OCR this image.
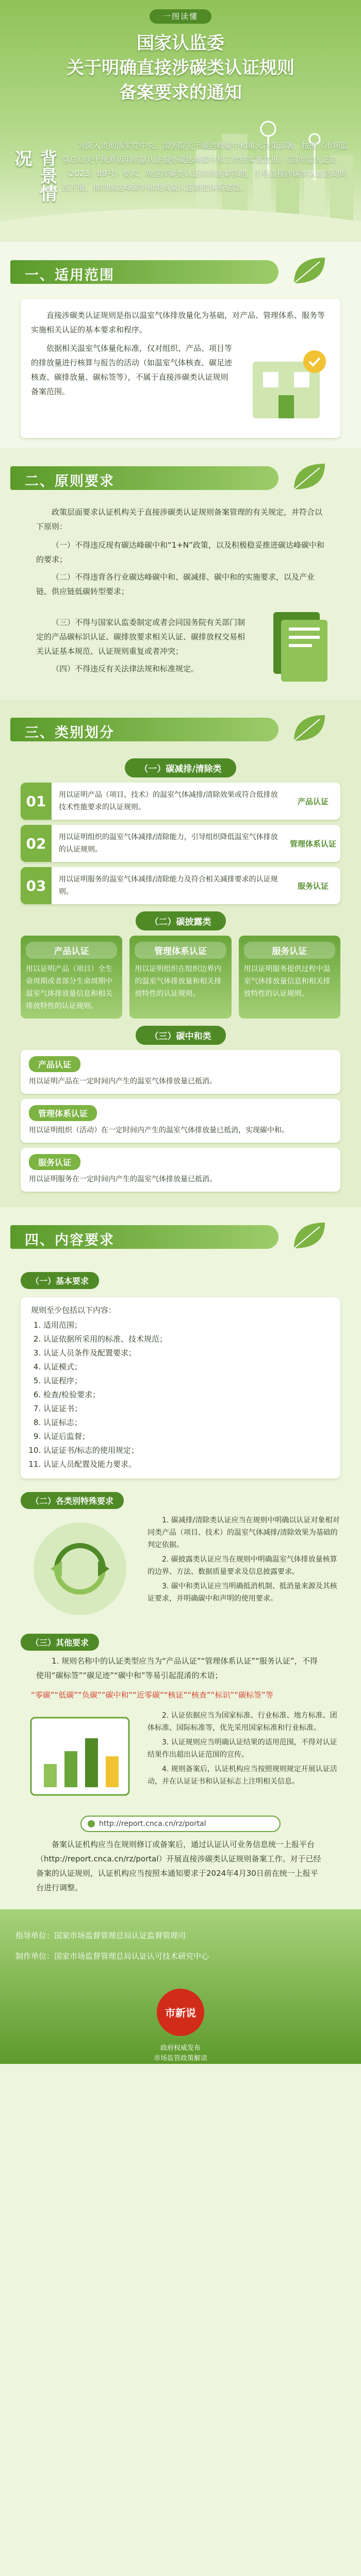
一图读懂
国家认监委
关于明确直接涉碳类认证规则
备案要求的通知
背景情况
为深入贯彻落实党中央、国务院关于碳达峰碳中和重大决策部署，按照《市场监管总局关于统筹运用质量认证服务碳达峰碳中和工作的实施意见》（国市监认证发〔2023〕89号）要求，规范涉碳类认证规则备案管理，引导直接涉碳类认证活动规范开展，推动碳达峰碳中和类质量认证制度体系建设。
一、适用范围

直接涉碳类认证规则是指以温室气体排放量化为基础，对产品、管理体系、服务等实施相关认证的基本要求和程序。

依据相关温室气体量化标准，仅对组织、产品、项目等的排放量进行核算与报告的活动（如温室气体核查、碳足迹核查、碳排放量、碳标签等），不属于直接涉碳类认证规则备案范围。

二、原则要求

政策层面要求认证机构关于直接涉碳类认证规则备案管理的有关规定，并符合以下原则：

（一）不得违反现有碳达峰碳中和“1+N”政策，以及积极稳妥推进碳达峰碳中和的要求；
（二）不得违背各行业碳达峰碳中和、碳减排、碳中和的实施要求，以及产业链、供应链低碳转型要求；
（三）不得与国家认监委制定或者会同国务院有关部门制定的产品碳标识认证、碳排放要求相关认证、碳排放权交易相关认证基本规范、认证规则重复或者冲突；
（四）不得违反有关法律法规和标准规定。
三、类别划分
（一）碳减排/清除类
01	用以证明产品（项目、技术）的温室气体减排/清除效果或符合低排放技术性能要求的认证规则。
产品认证
02	用以证明组织的温室气体减排/清除能力，引导组织降低温室气体排放的认证规则。
管理体系认证
03	用以证明服务的温室气体减排/清除能力及符合相关减排要求的认证规则。
服务认证
（二）碳披露类
产品认证

用以证明产品（项目）全生命周期或者部分生命周期中温室气体排放量信息和相关排放特性的认证规则。

管理体系认证

用以证明组织在组织边界内的温室气体排放量和相关排放特性的认证规则。

服务认证

用以证明服务提供过程中温室气体排放量信息和相关排放特性的认证规则。

（三）碳中和类
产品认证

用以证明产品在一定时间内产生的温室气体排放量已抵消。

管理体系认证

用以证明组织（活动）在一定时间内产生的温室气体排放量已抵消，实现碳中和。

服务认证

用以证明服务在一定时间内产生的温室气体排放量已抵消。

四、内容要求
（一）基本要求
规则至少包括以下内容：
1. 适用范围；
2. 认证依据所采用的标准、技术规范；
3. 认证人员条件及配置要求；
4. 认证模式；
5. 认证程序；
6. 检查/检验要求；
7. 认证证书；
8. 认证标志；
9. 认证后监督；
10. 认证证书/标志的使用规定；
11. 认证人员配置及能力要求。
（二）各类别特殊要求

1. 碳减排/清除类认证应当在规则中明确以认证对象相对同类产品（项目、技术）的温室气体减排/清除效果为基础的判定依据。

2. 碳披露类认证应当在规则中明确温室气体排放量核算的边界、方法、数据质量要求及信息披露要求。

3. 碳中和类认证应当明确抵消机制、抵消量来源及其核证要求，并明确碳中和声明的使用要求。

（三）其他要求

1. 规则名称中的认证类型应当为“产品认证”“管理体系认证”“服务认证”，不得使用“碳标签”“碳足迹”“碳中和”等易引起混淆的术语；

“零碳”“低碳”“负碳”“碳中和”“近零碳”“核证”“核查”“标识”“碳标签”等

2. 认证依据应当为国家标准、行业标准、地方标准、团体标准、国际标准等，优先采用国家标准和行业标准。

3. 认证规则应当明确认证结果的适用范围，不得对认证结果作出超出认证范围的宣传。

4. 规则备案后，认证机构应当按照规则规定开展认证活动，并在认证证书和认证标志上注明相关信息。

http://report.cnca.cn/rz/portal

备案认证机构应当在规则修订或备案后，通过认证认可业务信息统一上报平台（http://report.cnca.cn/rz/portal）开展直接涉碳类认证规则备案工作。对于已经备案的认证规则，认证机构应当按照本通知要求于2024年4月30日前在统一上报平台进行调整。

指导单位：国家市场监督管理总局认证监督管理司
制作单位：国家市场监督管理总局认证认可技术研究中心
市新说
政府权威发布
市场监管政策解读
